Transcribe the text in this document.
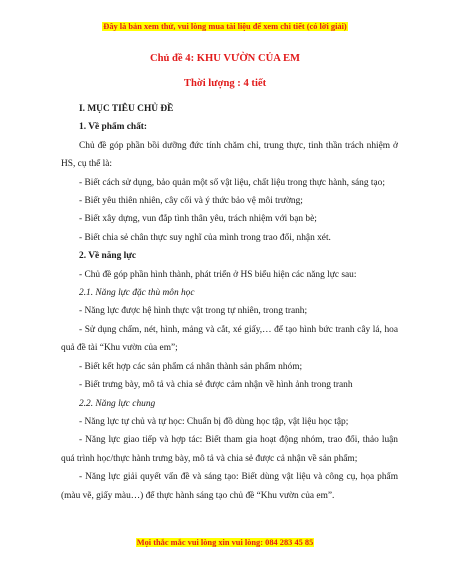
Đây là bản xem thử, vui lòng mua tài liệu để xem chi tiết (có lời giải)
Chủ đề 4: KHU VƯỜN CỦA EM
Thời lượng : 4 tiết

I. MỤC TIÊU CHỦ ĐỀ

1. Về phẩm chất:

Chủ đề góp phần bồi dưỡng đức tính chăm chỉ, trung thực, tinh thần trách nhiệm ở HS, cụ thể là:

- Biết cách sử dụng, bảo quản một số vật liệu, chất liệu trong thực hành, sáng tạo;

- Biết yêu thiên nhiên, cây cối và ý thức bảo vệ môi trường;

- Biết xây dựng, vun đắp tình thân yêu, trách nhiệm với bạn bè;

- Biết chia sẻ chân thực suy nghĩ của mình trong trao đổi, nhận xét.

2. Về năng lực

- Chủ đề góp phần hình thành, phát triển ở HS biểu hiện các năng lực sau:

2.1. Năng lực đặc thù môn học

- Năng lực được hệ hình thực vật trong tự nhiên, trong tranh;

- Sử dụng chấm, nét, hình, mảng và cắt, xé giấy,… để tạo hình bức tranh cây lá, hoa quả đề tài “Khu vườn của em”;

- Biết kết hợp các sản phẩm cá nhân thành sản phẩm nhóm;

- Biết trưng bày, mô tả và chia sẻ được cảm nhận về hình ảnh trong tranh

2.2. Năng lực chung

- Năng lực tự chủ và tự học: Chuẩn bị đồ dùng học tập, vật liệu học tập;

- Năng lực giao tiếp và hợp tác: Biết tham gia hoạt động nhóm, trao đổi, thảo luận quá trình học/thực hành trưng bày, mô tả và chia sẻ được cả nhận về sản phẩm;

- Năng lực giải quyết vấn đề và sáng tạo: Biết dùng vật liệu và công cụ, họa phẩm (màu vẽ, giấy màu…) để thực hành sáng tạo chủ đề “Khu vườn của em”.

Mọi thắc mắc vui lòng xin vui lòng: 084 283 45 85
